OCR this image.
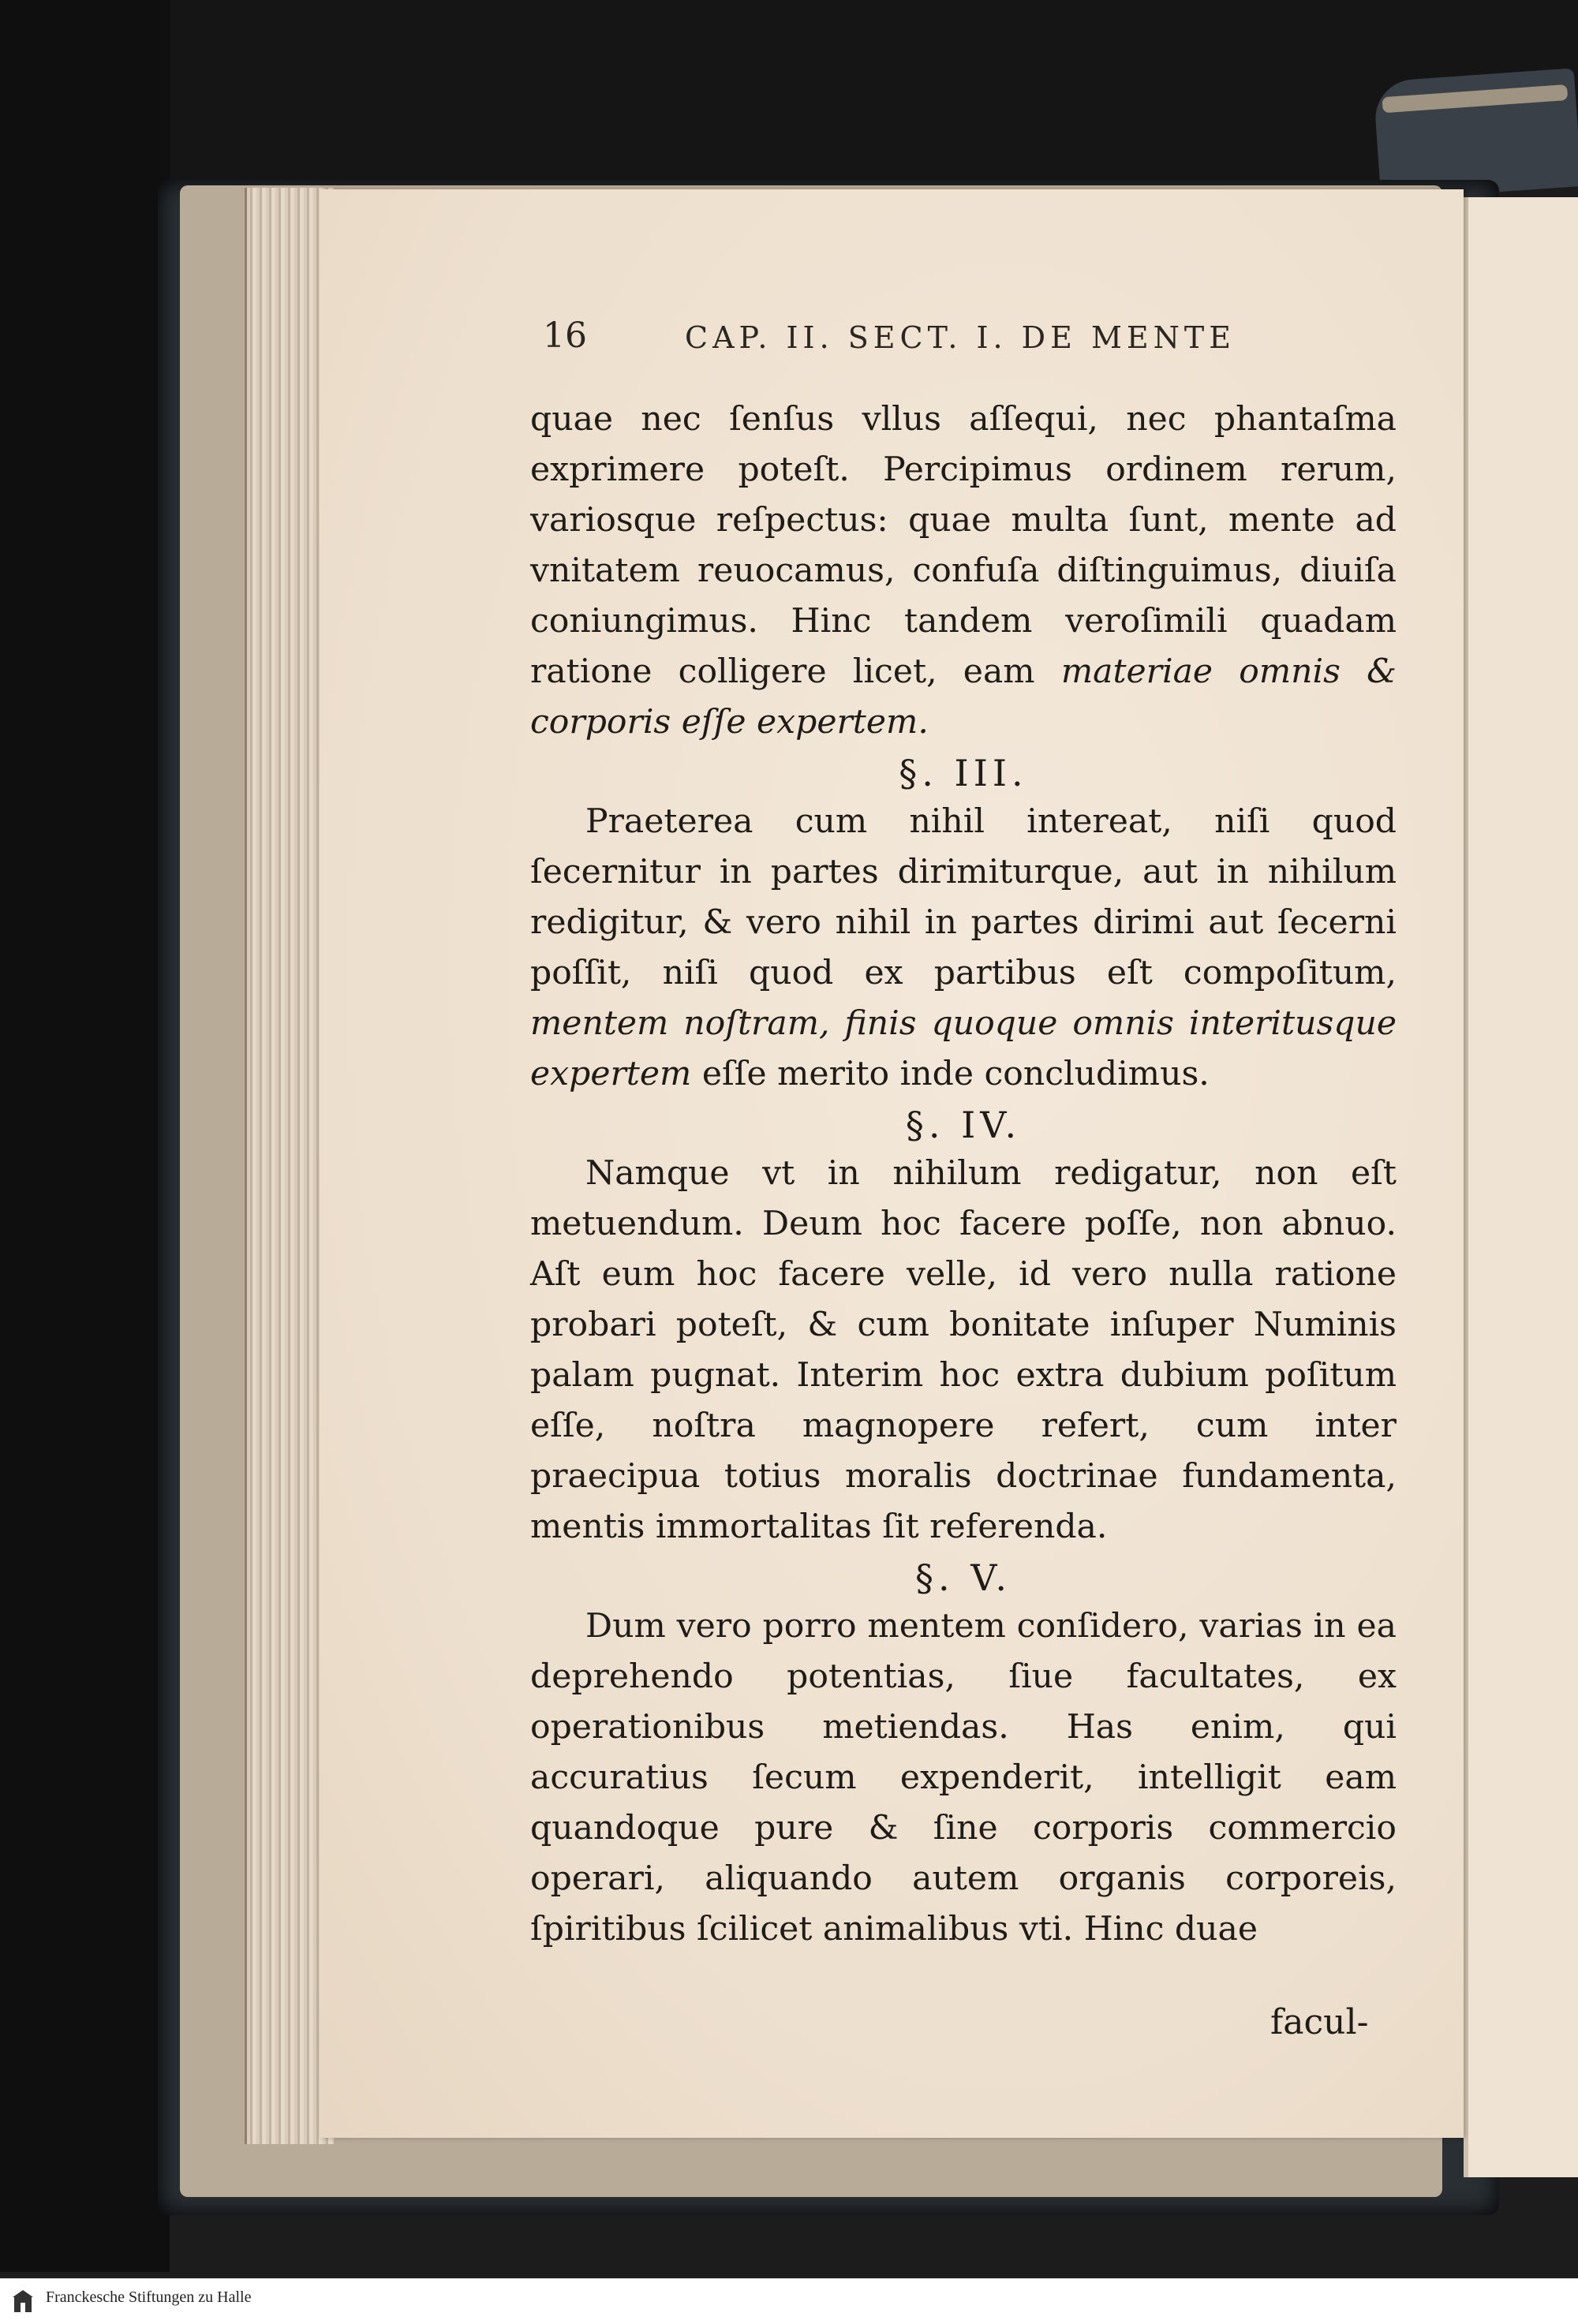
16	CAP. II. SECT. I. DE MENTE

quae nec ſenſus vllus aſſequi, nec phantaſma exprimere poteſt. Percipimus ordinem rerum, variosque reſpectus: quae multa ſunt, mente ad vnitatem reuocamus, confuſa diſtinguimus, diuiſa coniungimus. Hinc tandem veroſimili quadam ratione colligere licet, eam materiae omnis & corporis eſſe expertem.

§. III.

Praeterea cum nihil intereat, niſi quod ſecernitur in partes dirimiturque, aut in nihilum redigitur, & vero nihil in partes dirimi aut ſecerni poſſit, niſi quod ex partibus eſt compoſitum, mentem noſtram, finis quoque omnis interitusque expertem eſſe merito inde concludimus.

§. IV.

Namque vt in nihilum redigatur, non eſt metuendum. Deum hoc facere poſſe, non abnuo. Aſt eum hoc facere velle, id vero nulla ratione probari poteſt, & cum bonitate inſuper Numinis palam pugnat. Interim hoc extra dubium poſitum eſſe, noſtra magnopere refert, cum inter praecipua totius moralis doctrinae fundamenta, mentis immortalitas ſit referenda.

§. V.

Dum vero porro mentem conſidero, varias in ea deprehendo potentias, ſiue facultates, ex operationibus metiendas. Has enim, qui accuratius ſecum expenderit, intelligit eam quandoque pure & ſine corporis commercio operari, aliquando autem organis corporeis, ſpiritibus ſcilicet animalibus vti. Hinc duae

facul-
Franckesche Stiftungen zu Halle
